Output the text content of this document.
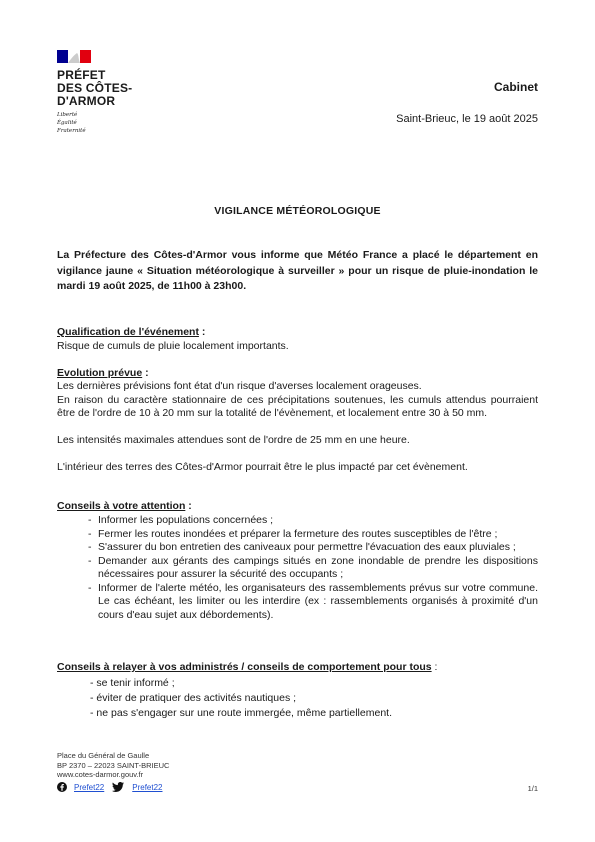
PRÉFET
DES CÔTES-
D'ARMOR
Liberté
Égalité
Fraternité
Cabinet
Saint-Brieuc, le 19 août 2025
VIGILANCE MÉTÉOROLOGIQUE
La Préfecture des Côtes-d'Armor vous informe que Météo France a placé le département en vigilance jaune « Situation météorologique à surveiller » pour un risque de pluie-inondation le mardi 19 août 2025, de 11h00 à 23h00.
Qualification de l'événement :
Risque de cumuls de pluie localement importants.
Evolution prévue :

Les dernières prévisions font état d'un risque d'averses localement orageuses.

En raison du caractère stationnaire de ces précipitations soutenues, les cumuls attendus pourraient être de l'ordre de 10 à 20 mm sur la totalité de l'évènement, et localement entre 30 à 50 mm.

Les intensités maximales attendues sont de l'ordre de 25 mm en une heure.

L'intérieur des terres des Côtes-d'Armor pourrait être le plus impacté par cet évènement.

Conseils à votre attention :
- Informer les populations concernées ;
- Fermer les routes inondées et préparer la fermeture des routes susceptibles de l'être ;
- S'assurer du bon entretien des caniveaux pour permettre l'évacuation des eaux pluviales ;
- Demander aux gérants des campings situés en zone inondable de prendre les dispositions nécessaires pour assurer la sécurité des occupants ;
- Informer de l'alerte météo, les organisateurs des rassemblements prévus sur votre commune. Le cas échéant, les limiter ou les interdire (ex : rassemblements organisés à proximité d'un cours d'eau sujet aux débordements).
Conseils à relayer à vos administrés / conseils de comportement pour tous :
- se tenir informé ;
- éviter de pratiquer des activités nautiques ;
- ne pas s'engager sur une route immergée, même partiellement.
Place du Général de Gaulle
BP 2370 – 22023 SAINT-BRIEUC
www.cotes-darmor.gouv.fr
Prefet22	Prefet22	1/1
